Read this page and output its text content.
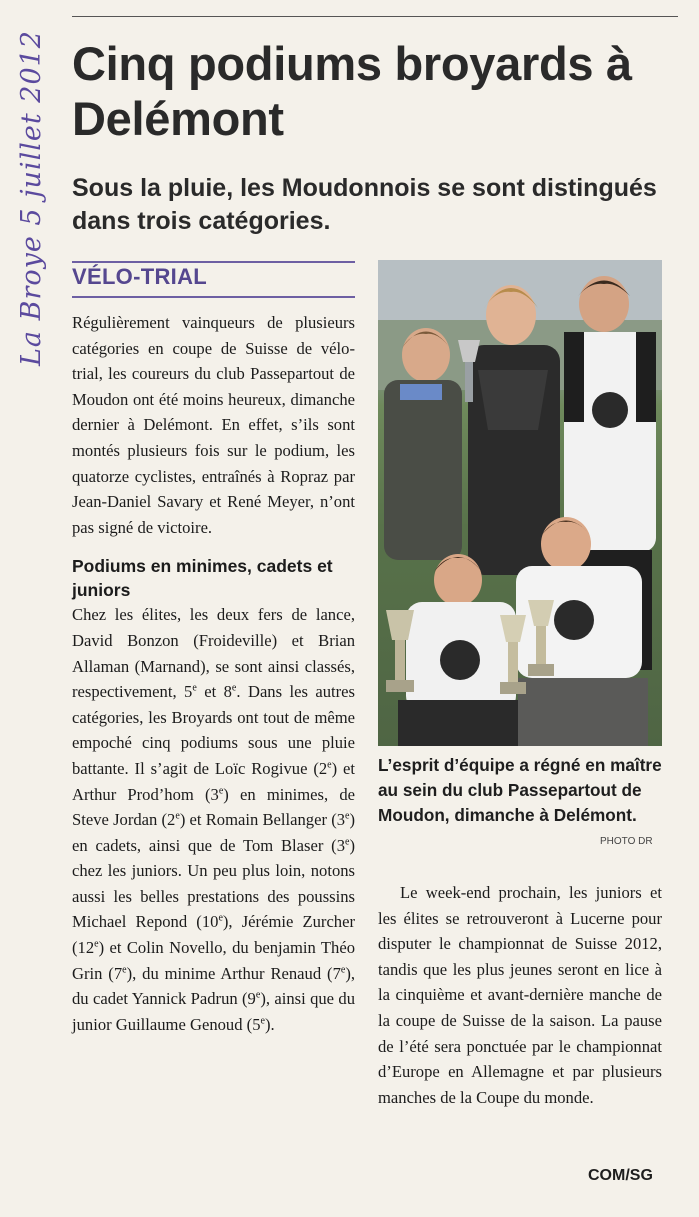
La Broye 5 juillet 2012 Cinq podiums broyards à Delémont
Sous la pluie, les Moudonnois se sont distingués dans trois catégories.
VÉLO-TRIAL

Régulièrement vainqueurs de plusieurs catégories en coupe de Suisse de vélo-trial, les coureurs du club Passepartout de Moudon ont été moins heureux, dimanche dernier à Delémont. En effet, s’ils sont montés plusieurs fois sur le podium, les quatorze cyclistes, entraînés à Ropraz par Jean-Daniel Savary et René Meyer, n’ont pas signé de victoire.

Podiums en minimes, cadets et juniors

Chez les élites, les deux fers de lance, David Bonzon (Froideville) et Brian Allaman (Marnand), se sont ainsi classés, respectivement, 5e et 8e. Dans les autres catégories, les Broyards ont tout de même empoché cinq podiums sous une pluie battante. Il s’agit de Loïc Rogivue (2e) et Arthur Prod’hom (3e) en minimes, de Steve Jordan (2e) et Romain Bellanger (3e) en cadets, ainsi que de Tom Blaser (3e) chez les juniors. Un peu plus loin, notons aussi les belles prestations des poussins Michael Repond (10e), Jérémie Zurcher (12e) et Colin Novello, du benjamin Théo Grin (7e), du minime Arthur Renaud (7e), du cadet Yannick Padrun (9e), ainsi que du junior Guillaume Genoud (5e).

L’esprit d’équipe a régné en maître au sein du club Passepartout de Moudon, dimanche à Delémont.
PHOTO DR

Le week-end prochain, les juniors et les élites se retrouveront à Lucerne pour disputer le championnat de Suisse 2012, tandis que les plus jeunes seront en lice à la cinquième et avant-dernière manche de la coupe de Suisse de la saison. La pause de l’été sera ponctuée par le championnat d’Europe en Allemagne et par plusieurs manches de la Coupe du monde.

COM/SG
